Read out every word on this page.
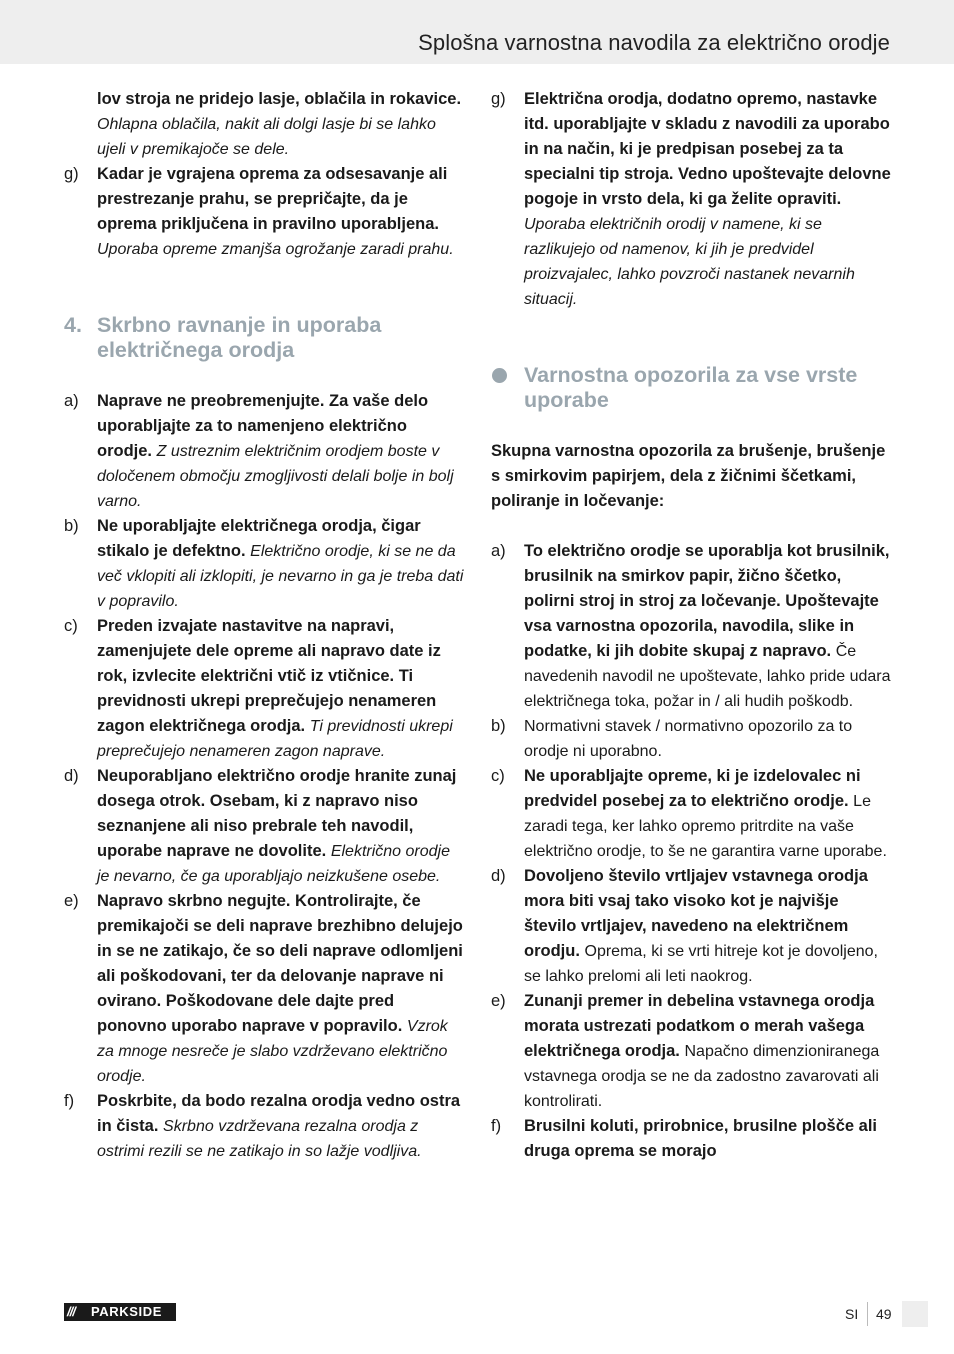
Splošna varnostna navodila za električno orodje
lov stroja ne pridejo lasje, oblačila in rokavice. Ohlapna oblačila, nakit ali dolgi lasje bi se lahko ujeli v premikajoče se dele.
g) Kadar je vgrajena oprema za odsesavanje ali prestrezanje prahu, se prepričajte, da je oprema priključena in pravilno uporabljena. Uporaba opreme zmanjša ogrožanje zaradi prahu.
4. Skrbno ravnanje in uporaba električnega orodja
a) Naprave ne preobremenjujte. Za vaše delo uporabljajte za to namenjeno električno orodje. Z ustreznim električnim orodjem boste v določenem območju zmogljivosti delali bolje in bolj varno.
b) Ne uporabljajte električnega orodja, čigar stikalo je defektno. Električno orodje, ki se ne da več vklopiti ali izklopiti, je nevarno in ga je treba dati v popravilo.
c) Preden izvajate nastavitve na napravi, zamenjujete dele opreme ali napravo date iz rok, izvlecite električni vtič iz vtičnice. Ti previdnosti ukrepi preprečujejo nenameren zagon električnega orodja. Ti previdnosti ukrepi preprečujejo nenameren zagon naprave.
d) Neuporabljano električno orodje hranite zunaj dosega otrok. Osebam, ki z napravo niso seznanjene ali niso prebrale teh navodil, uporabe naprave ne dovolite. Električno orodje je nevarno, če ga uporabljajo neizkušene osebe.
e) Napravo skrbno negujte. Kontrolirajte, če premikajoči se deli naprave brezhibno delujejo in se ne zatikajo, če so deli naprave odlomljeni ali poškodovani, ter da delovanje naprave ni ovirano. Poškodovane dele dajte pred ponovno uporabo naprave v popravilo. Vzrok za mnoge nesreče je slabo vzdrževano električno orodje.
f) Poskrbite, da bodo rezalna orodja vedno ostra in čista. Skrbno vzdrževana rezalna orodja z ostrimi rezili se ne zatikajo in so lažje vodljiva.
g) Električna orodja, dodatno opremo, nastavke itd. uporabljajte v skladu z navodili za uporabo in na način, ki je predpisan posebej za ta specialni tip stroja. Vedno upoštevajte delovne pogoje in vrsto dela, ki ga želite opraviti. Uporaba električnih orodij v namene, ki se razlikujejo od namenov, ki jih je predvidel proizvajalec, lahko povzroči nastanek nevarnih situacij.
Varnostna opozorila za vse vrste uporabe
Skupna varnostna opozorila za brušenje, brušenje s smirkovim papirjem, dela z žičnimi ščetkami, poliranje in ločevanje:
a) To električno orodje se uporablja kot brusilnik, brusilnik na smirkov papir, žično ščetko, polirni stroj in stroj za ločevanje. Upoštevajte vsa varnostna opozorila, navodila, slike in podatke, ki jih dobite skupaj z napravo. Če navedenih navodil ne upoštevate, lahko pride udara električnega toka, požar in / ali hudih poškodb.
b) Normativni stavek / normativno opozorilo za to orodje ni uporabno.
c) Ne uporabljajte opreme, ki je izdelovalec ni predvidel posebej za to električno orodje. Le zaradi tega, ker lahko opremo pritrdite na vaše električno orodje, to še ne garantira varne uporabe.
d) Dovoljeno število vrtljajev vstavnega orodja mora biti vsaj tako visoko kot je najvišje število vrtljajev, navedeno na električnem orodju. Oprema, ki se vrti hitreje kot je dovoljeno, se lahko prelomi ali leti naokrog.
e) Zunanji premer in debelina vstavnega orodja morata ustrezati podatkom o merah vašega električnega orodja. Napačno dimenzioniranega vstavnega orodja se ne da zadostno zavarovati ali kontrolirati.
f) Brusilni koluti, prirobnice, brusilne plošče ali druga oprema se morajo
/// PARKSIDE	SI 49
